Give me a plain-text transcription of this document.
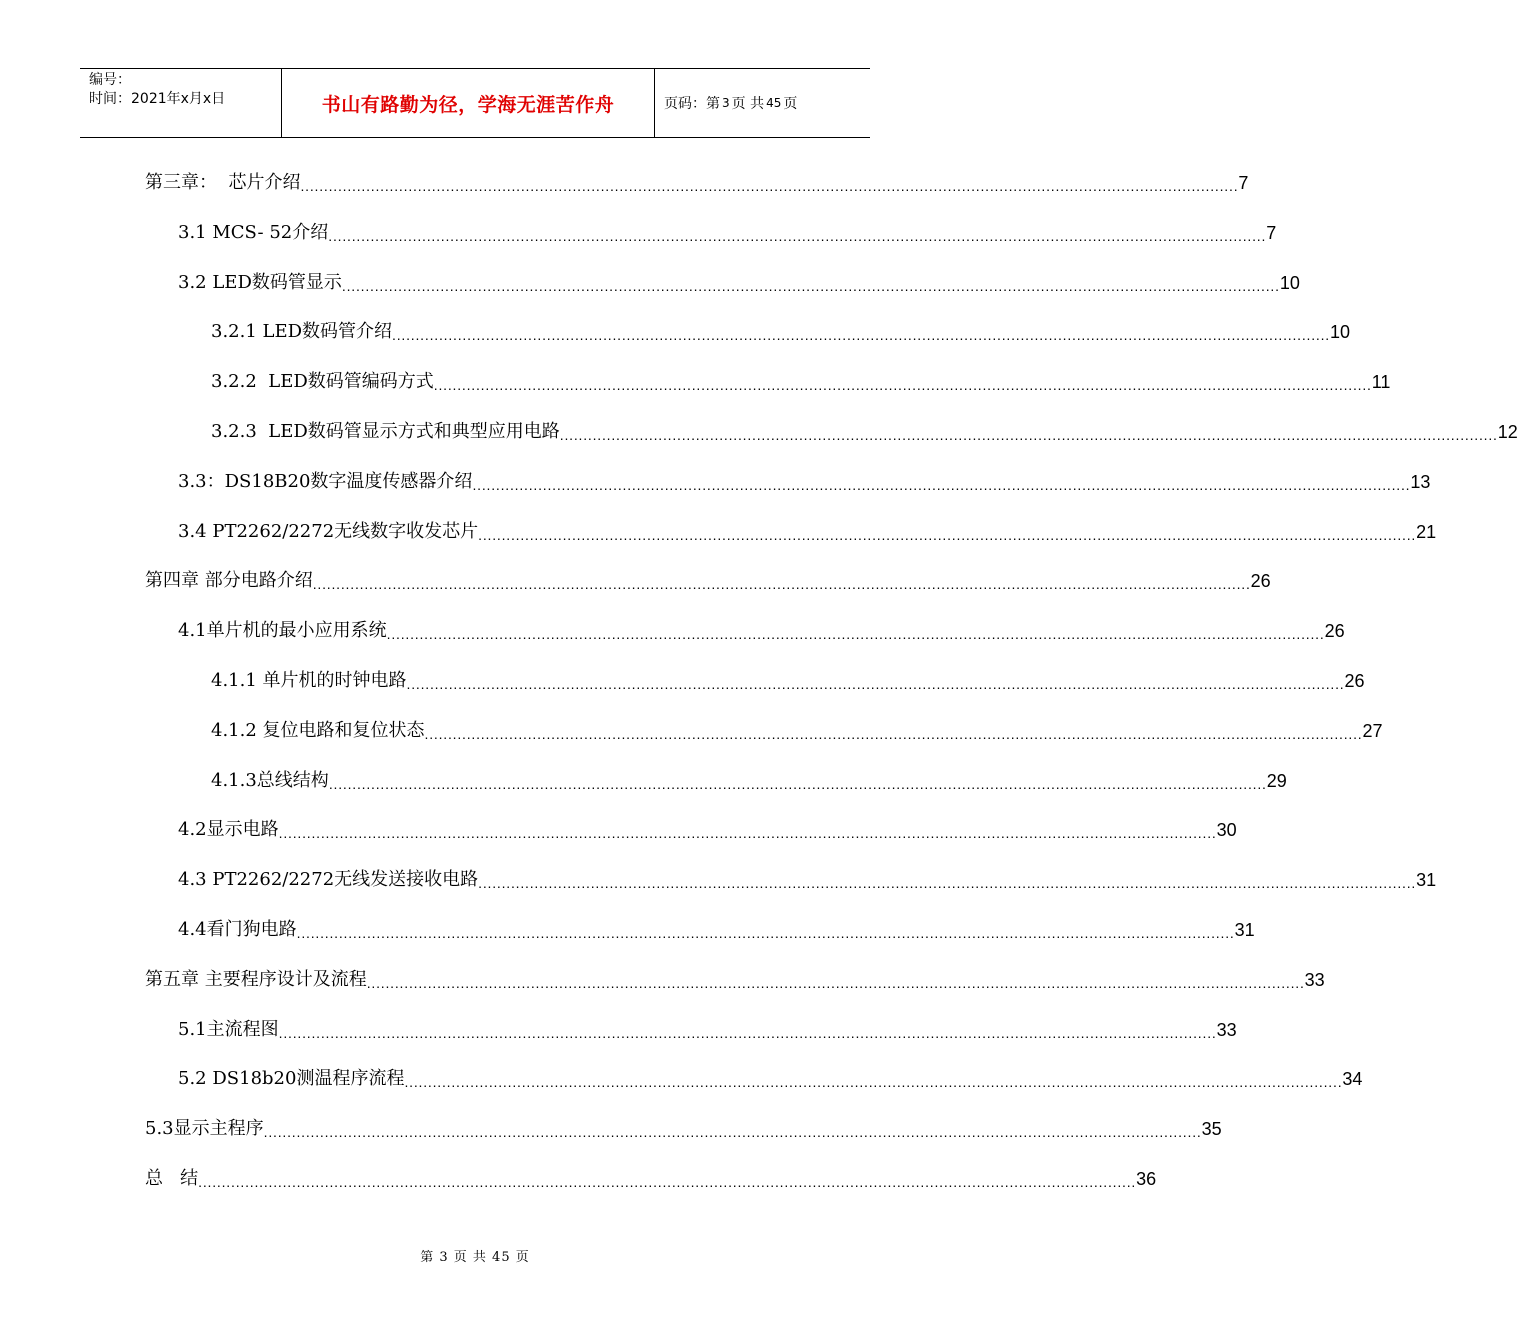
编号：
时间：2021年x月x日	书山有路勤为径，学海无涯苦作舟	页码：第 3 页 共 45 页
第三章：  芯片介绍 ........................................................................................................................................................................................................ 7
3.1 MCS- 52介绍 ........................................................................................................................................................................................................ 7
3.2 LED数码管显示 ........................................................................................................................................................................................................ 10
3.2.1 LED数码管介绍 ........................................................................................................................................................................................................ 10
3.2.2  LED数码管编码方式 ........................................................................................................................................................................................................ 11
3.2.3  LED数码管显示方式和典型应用电路 ........................................................................................................................................................................................................ 12
3.3：DS18B20数字温度传感器介绍 ........................................................................................................................................................................................................ 13
3.4 PT2262/2272无线数字收发芯片 ........................................................................................................................................................................................................ 21
第四章 部分电路介绍 ........................................................................................................................................................................................................ 26
4.1单片机的最小应用系统 ........................................................................................................................................................................................................ 26
4.1.1 单片机的时钟电路 ........................................................................................................................................................................................................ 26
4.1.2 复位电路和复位状态 ........................................................................................................................................................................................................ 27
4.1.3总线结构 ........................................................................................................................................................................................................ 29
4.2显示电路 ........................................................................................................................................................................................................ 30
4.3 PT2262/2272无线发送接收电路 ........................................................................................................................................................................................................ 31
4.4看门狗电路 ........................................................................................................................................................................................................ 31
第五章 主要程序设计及流程 ........................................................................................................................................................................................................ 33
5.1主流程图 ........................................................................................................................................................................................................ 33
5.2 DS18b20测温程序流程 ........................................................................................................................................................................................................ 34
5.3显示主程序 ........................................................................................................................................................................................................ 35
总   结 ........................................................................................................................................................................................................ 36
第 3 页 共 45 页
